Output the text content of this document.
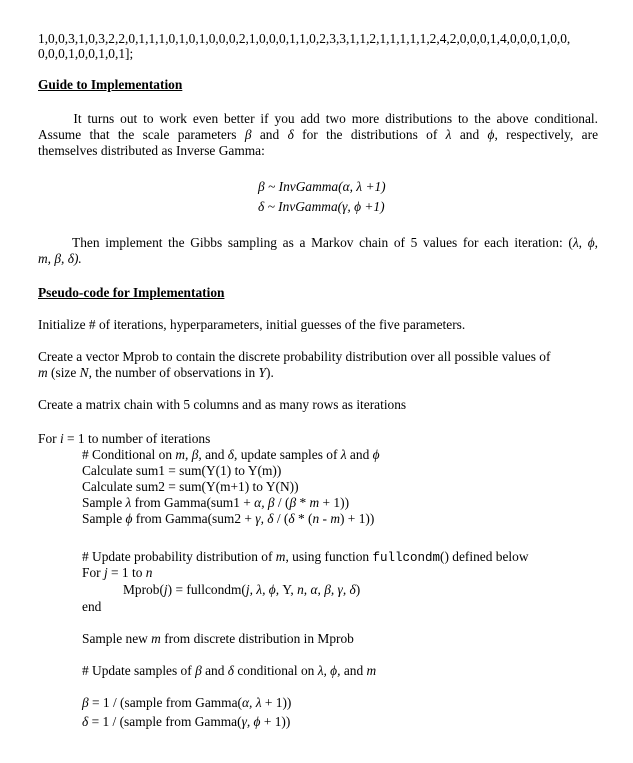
1,0,0,3,1,0,3,2,2,0,1,1,1,0,1,0,1,0,0,0,2,1,0,0,0,1,1,0,2,3,3,1,1,2,1,1,1,1,1,2,4,2,0,0,0,1,4,0,0,0,1,0,0,
0,0,0,1,0,0,1,0,1];
Guide to Implementation
It turns out to work even better if you add two more distributions to the above conditional.
Assume that the scale parameters β and δ for the distributions of λ and ϕ, respectively, are
themselves distributed as Inverse Gamma:
β ~ InvGamma(α, λ +1)
δ ~ InvGamma(γ, ϕ +1)
Then implement the Gibbs sampling as a Markov chain of 5 values for each iteration: (λ, ϕ,
m, β, δ).
Pseudo-code for Implementation
Initialize # of iterations, hyperparameters, initial guesses of the five parameters.
Create a vector Mprob to contain the discrete probability distribution over all possible values of
m (size N, the number of observations in Y).
Create a matrix chain with 5 columns and as many rows as iterations
For i = 1 to number of iterations
# Conditional on m, β, and δ, update samples of λ and ϕ
Calculate sum1 = sum(Y(1) to Y(m))
Calculate sum2 = sum(Y(m+1) to Y(N))
Sample λ from Gamma(sum1 + α, β / (β * m + 1))
Sample ϕ from Gamma(sum2 + γ, δ / (δ * (n - m) + 1))
# Update probability distribution of m, using function fullcondm() defined below
For j = 1 to n
Mprob(j) = fullcondm(j, λ, ϕ, Y, n, α, β, γ, δ)
end
Sample new m from discrete distribution in Mprob
# Update samples of β and δ conditional on λ, ϕ, and m
β = 1 / (sample from Gamma(α, λ + 1))
δ = 1 / (sample from Gamma(γ, ϕ + 1))
